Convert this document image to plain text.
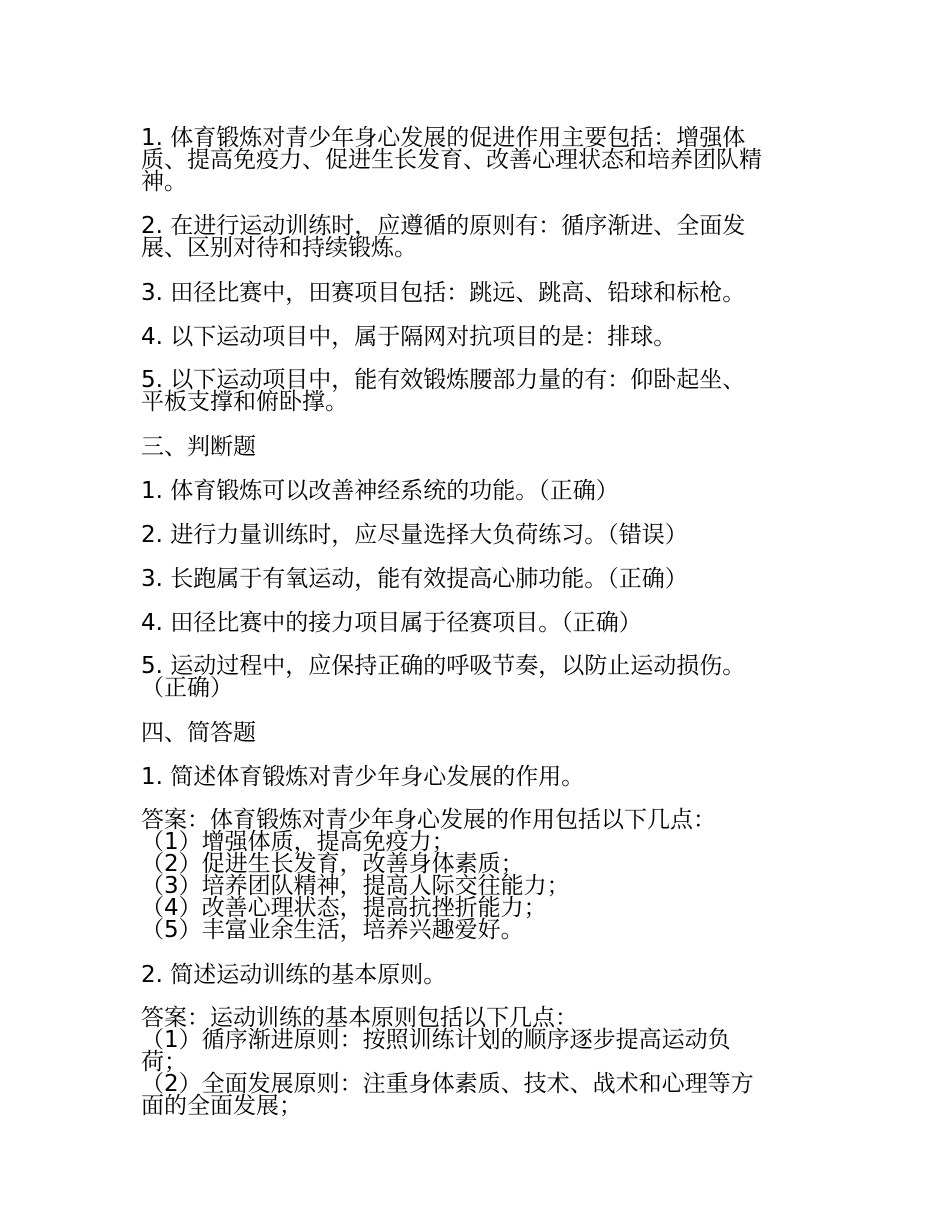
1. 体育锻炼对青少年身心发展的促进作用主要包括：增强体
质、提高免疫力、促进生长发育、改善心理状态和培养团队精
神。
2. 在进行运动训练时，应遵循的原则有：循序渐进、全面发
展、区别对待和持续锻炼。
3. 田径比赛中，田赛项目包括：跳远、跳高、铅球和标枪。
4. 以下运动项目中，属于隔网对抗项目的是：排球。
5. 以下运动项目中，能有效锻炼腰部力量的有：仰卧起坐、
平板支撑和俯卧撑。
三、判断题
1. 体育锻炼可以改善神经系统的功能。（正确）
2. 进行力量训练时，应尽量选择大负荷练习。（错误）
3. 长跑属于有氧运动，能有效提高心肺功能。（正确）
4. 田径比赛中的接力项目属于径赛项目。（正确）
5. 运动过程中，应保持正确的呼吸节奏，以防止运动损伤。
（正确）
四、简答题
1. 简述体育锻炼对青少年身心发展的作用。
答案：体育锻炼对青少年身心发展的作用包括以下几点：
（1）增强体质，提高免疫力；
（2）促进生长发育，改善身体素质；
（3）培养团队精神，提高人际交往能力；
（4）改善心理状态，提高抗挫折能力；
（5）丰富业余生活，培养兴趣爱好。
2. 简述运动训练的基本原则。
答案：运动训练的基本原则包括以下几点：
（1）循序渐进原则：按照训练计划的顺序逐步提高运动负
荷；
（2）全面发展原则：注重身体素质、技术、战术和心理等方
面的全面发展；
